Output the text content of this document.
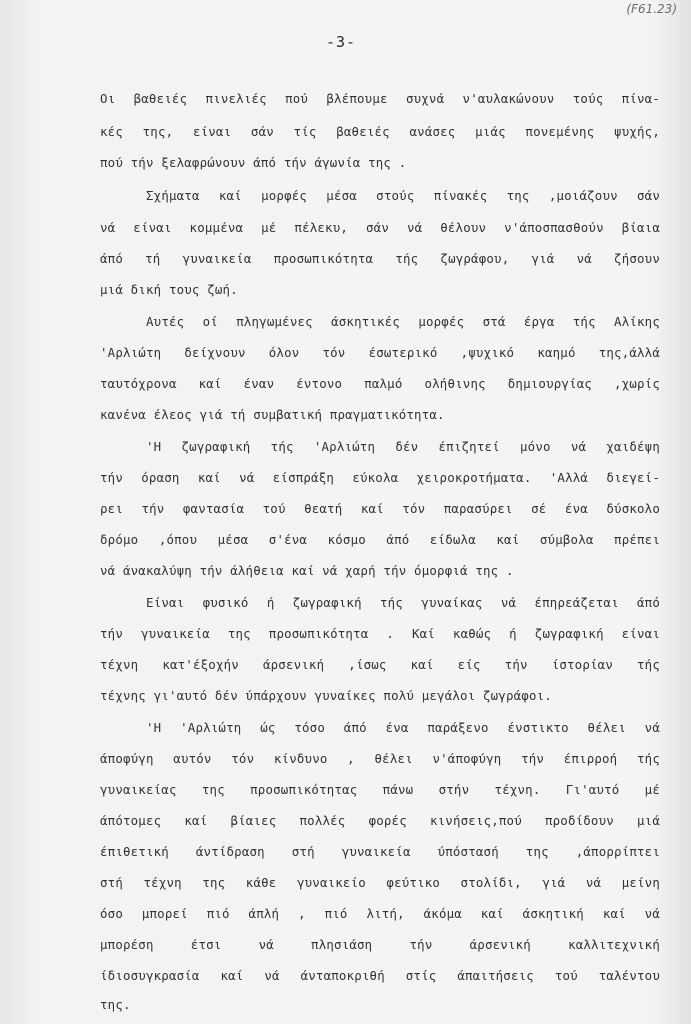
(F61.23)
-3-
Οι βαθειές πινελιές πού βλέπουμε συχνά ν'αυλακώνουν τούς πίνα-
κές της, είναι σάν τίς βαθειές ανάσες μιάς πονεμένης ψυχής,
πού τήν ξελαφρώνουν άπό τήν άγωνία της .
Σχήματα καί μορφές μέσα στούς πίνακές της ,μοιάζουν σάν
νά είναι κομμένα μέ πέλεκυ, σάν νά θέλουν ν'άποσπασθούν βίαια
άπό τή γυναικεία προσωπικότητα τής ζωγράφου, γιά νά ζήσουν
μιά δική τους ζωή.
Αυτές οί πληγωμένες άσκητικές μορφές στά έργα τής Αλίκης
'Αρλιώτη δείχνουν όλον τόν έσωτερικό ,ψυχικό καημό της,άλλά
ταυτόχρονα καί έναν έντονο παλμό ολήθινης δημιουργίας ,χωρίς
κανένα έλεος γιά τή συμβατική πραγματικότητα.
'Η ζωγραφική τής 'Αρλιώτη δέν έπιζητεί μόνο νά χαιδέψη
τήν όραση καί νά είσπράξη εύκολα χειροκροτήματα. 'Αλλά διεγεί-
ρει τήν φαντασία τού θεατή καί τόν παρασύρει σέ ένα δύσκολο
δρόμο ,όπου μέσα σ'ένα κόσμο άπό είδωλα καί σύμβολα πρέπει
νά άνακαλύψη τήν άλήθεια καί νά χαρή τήν όμορφιά της .
Είναι φυσικό ή ζωγραφική τής γυναίκας νά έπηρεάζεται άπό
τήν γυναικεία της προσωπικότητα . Καί καθώς ή ζωγραφική είναι
τέχνη κατ'έξοχήν άρσενική ,ίσως καί είς τήν ίστορίαν τής
τέχνης γι'αυτό δέν ύπάρχουν γυναίκες πολύ μεγάλοι ζωγράφοι.
'Η 'Αρλιώτη ώς τόσο άπό ένα παράξενο ένστικτο θέλει νά
άποφύγη αυτόν τόν κίνδυνο , θέλει ν'άποφύγη τήν έπιρροή τής
γυναικείας της προσωπικότητας πάνω στήν τέχνη. Γι'αυτό μέ
άπότομες καί βίαιες πολλές φορές κινήσεις,πού προδίδουν μιά
έπιθετική άντίδραση στή γυναικεία ύπόστασή της ,άπορρίπτει
στή τέχνη της κάθε γυναικείο φεύτικο στολίδι, γιά νά μείνη
όσο μπορεί πιό άπλή , πιό λιτή, άκόμα καί άσκητική καί νά
μπορέση έτσι νά πλησιάση τήν άρσενική καλλιτεχνική
ίδιοσυγκρασία καί νά άνταποκριθή στίς άπαιτήσεις τού ταλέντου
της.
